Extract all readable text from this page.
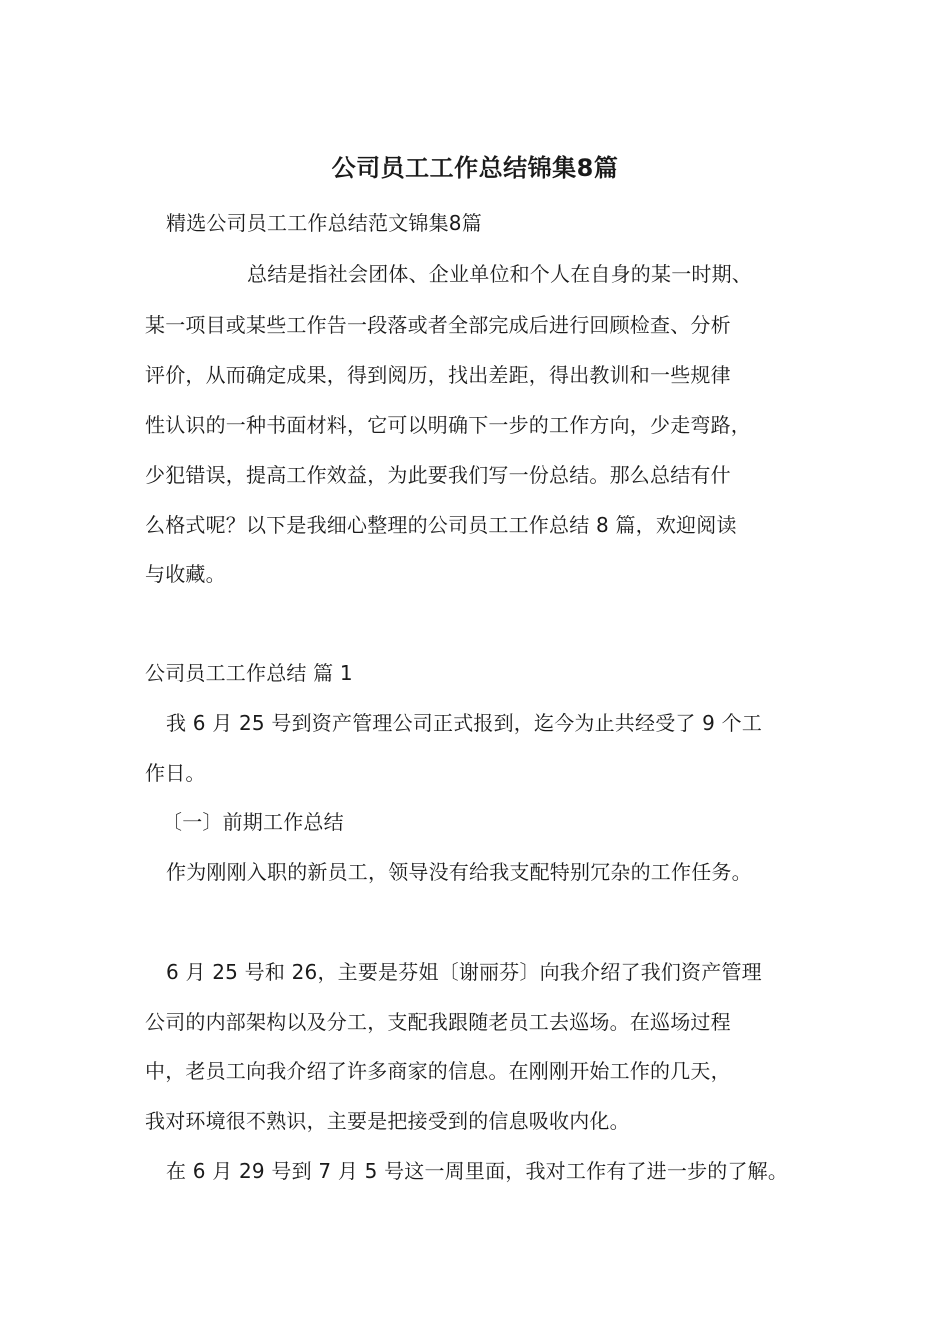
公司员工工作总结锦集8篇
精选公司员工工作总结范文锦集8篇
总结是指社会团体、企业单位和个人在自身的某一时期、
某一项目或某些工作告一段落或者全部完成后进行回顾检查、分析
评价，从而确定成果，得到阅历，找出差距，得出教训和一些规律
性认识的一种书面材料，它可以明确下一步的工作方向，少走弯路，
少犯错误，提高工作效益，为此要我们写一份总结。那么总结有什
么格式呢？以下是我细心整理的公司员工工作总结 8 篇，欢迎阅读
与收藏。
公司员工工作总结 篇 1
我 6 月 25 号到资产管理公司正式报到，迄今为止共经受了 9 个工
作日。
〔一〕前期工作总结
作为刚刚入职的新员工，领导没有给我支配特别冗杂的工作任务。
6 月 25 号和 26，主要是芬姐〔谢丽芬〕向我介绍了我们资产管理
公司的内部架构以及分工，支配我跟随老员工去巡场。在巡场过程
中，老员工向我介绍了许多商家的信息。在刚刚开始工作的几天，
我对环境很不熟识，主要是把接受到的信息吸收内化。
在 6 月 29 号到 7 月 5 号这一周里面，我对工作有了进一步的了解。
